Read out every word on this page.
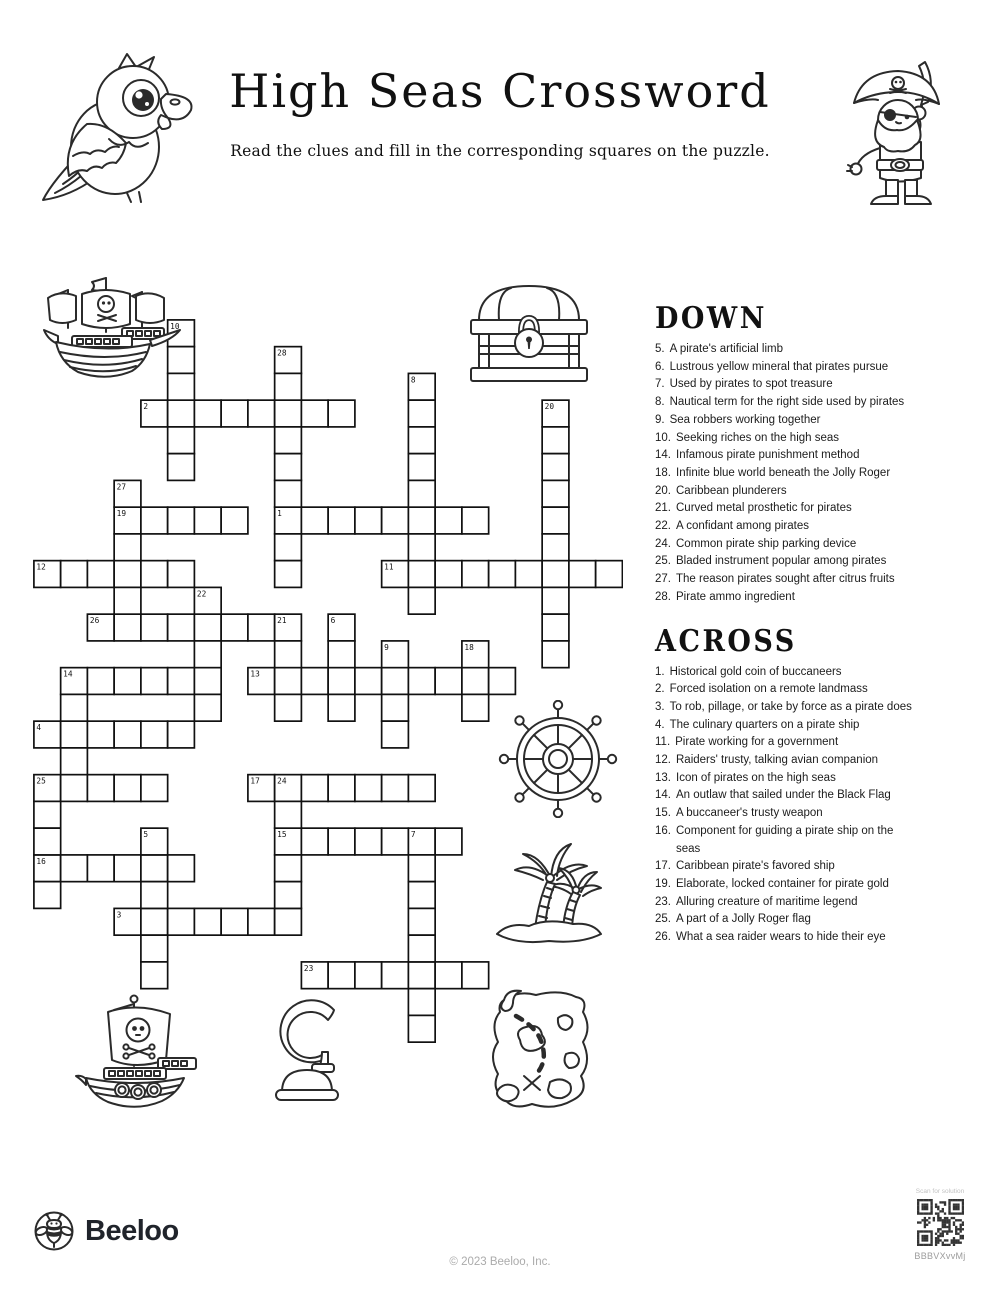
High Seas Crossword
Read the clues and fill in the corresponding squares on the puzzle.
1
2
3
4
11
12
13
14
15
16
17
19
23
25
26
5
6
7
8
9
10
18
20
21
22
24
27
28
DOWN
5. A pirate's artificial limb
6. Lustrous yellow mineral that pirates pursue
7. Used by pirates to spot treasure
8. Nautical term for the right side used by pirates
9. Sea robbers working together
10. Seeking riches on the high seas
14. Infamous pirate punishment method
18. Infinite blue world beneath the Jolly Roger
20. Caribbean plunderers
21. Curved metal prosthetic for pirates
22. A confidant among pirates
24. Common pirate ship parking device
25. Bladed instrument popular among pirates
27. The reason pirates sought after citrus fruits
28. Pirate ammo ingredient
ACROSS
1. Historical gold coin of buccaneers
2. Forced isolation on a remote landmass
3. To rob, pillage, or take by force as a pirate does
4. The culinary quarters on a pirate ship
11. Pirate working for a government
12. Raiders' trusty, talking avian companion
13. Icon of pirates on the high seas
14. An outlaw that sailed under the Black Flag
15. A buccaneer's trusty weapon
16. Component for guiding a pirate ship on the seas
17. Caribbean pirate's favored ship
19. Elaborate, locked container for pirate gold
23. Alluring creature of maritime legend
25. A part of a Jolly Roger flag
26. What a sea raider wears to hide their eye
Beeloo
© 2023 Beeloo, Inc.
Scan for solution
BBBVXvvMj
